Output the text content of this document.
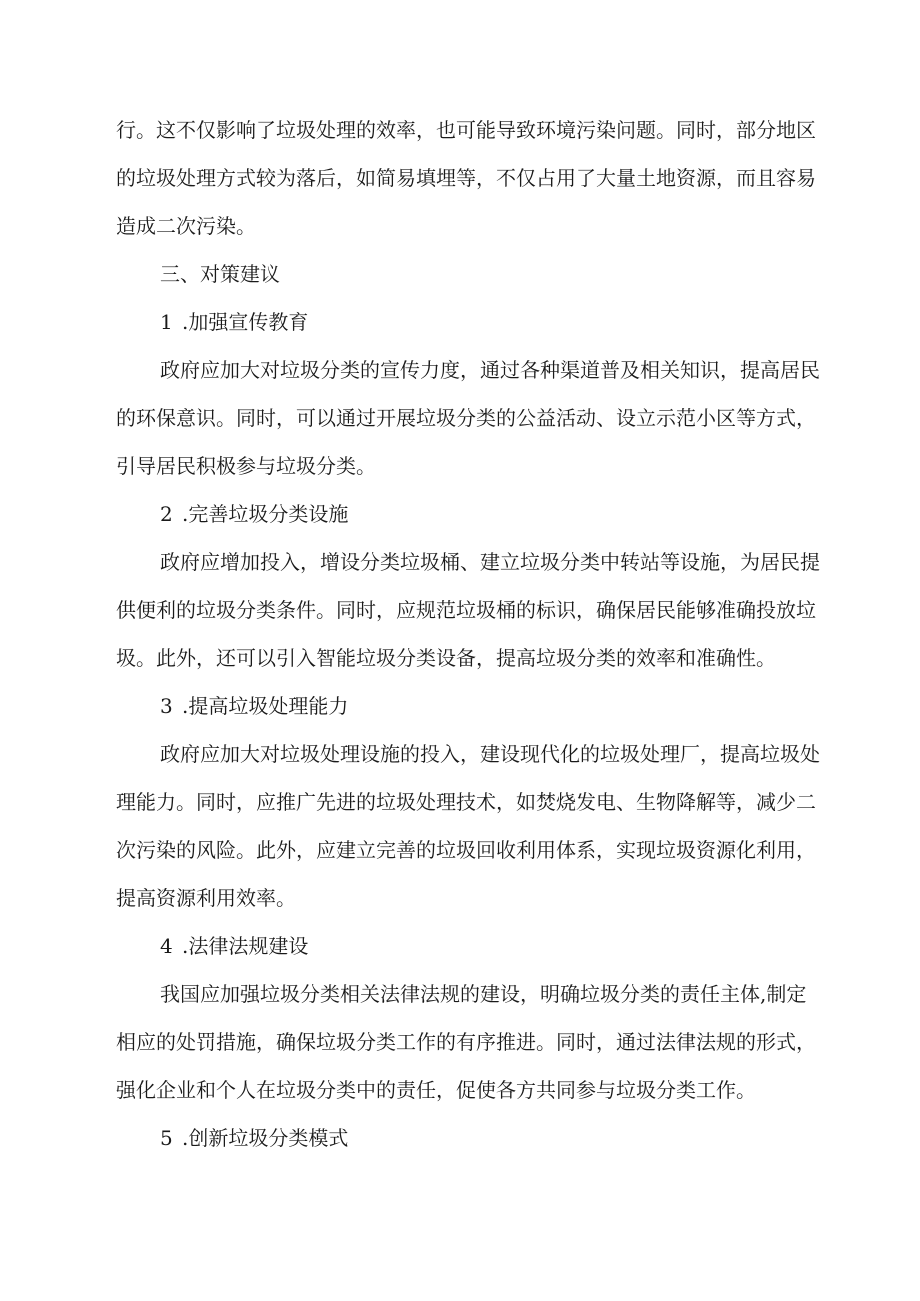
行。这不仅影响了垃圾处理的效率，也可能导致环境污染问题。同时，部分地区
的垃圾处理方式较为落后，如简易填埋等，不仅占用了大量土地资源，而且容易
造成二次污染。
三、对策建议
1 .加强宣传教育
政府应加大对垃圾分类的宣传力度，通过各种渠道普及相关知识，提高居民
的环保意识。同时，可以通过开展垃圾分类的公益活动、设立示范小区等方式，
引导居民积极参与垃圾分类。
2 .完善垃圾分类设施
政府应增加投入，增设分类垃圾桶、建立垃圾分类中转站等设施，为居民提
供便利的垃圾分类条件。同时，应规范垃圾桶的标识，确保居民能够准确投放垃
圾。此外，还可以引入智能垃圾分类设备，提高垃圾分类的效率和准确性。
3 .提高垃圾处理能力
政府应加大对垃圾处理设施的投入，建设现代化的垃圾处理厂，提高垃圾处
理能力。同时，应推广先进的垃圾处理技术，如焚烧发电、生物降解等，减少二
次污染的风险。此外，应建立完善的垃圾回收利用体系，实现垃圾资源化利用，
提高资源利用效率。
4 .法律法规建设
我国应加强垃圾分类相关法律法规的建设，明确垃圾分类的责任主体,制定
相应的处罚措施，确保垃圾分类工作的有序推进。同时，通过法律法规的形式，
强化企业和个人在垃圾分类中的责任，促使各方共同参与垃圾分类工作。
5 .创新垃圾分类模式
